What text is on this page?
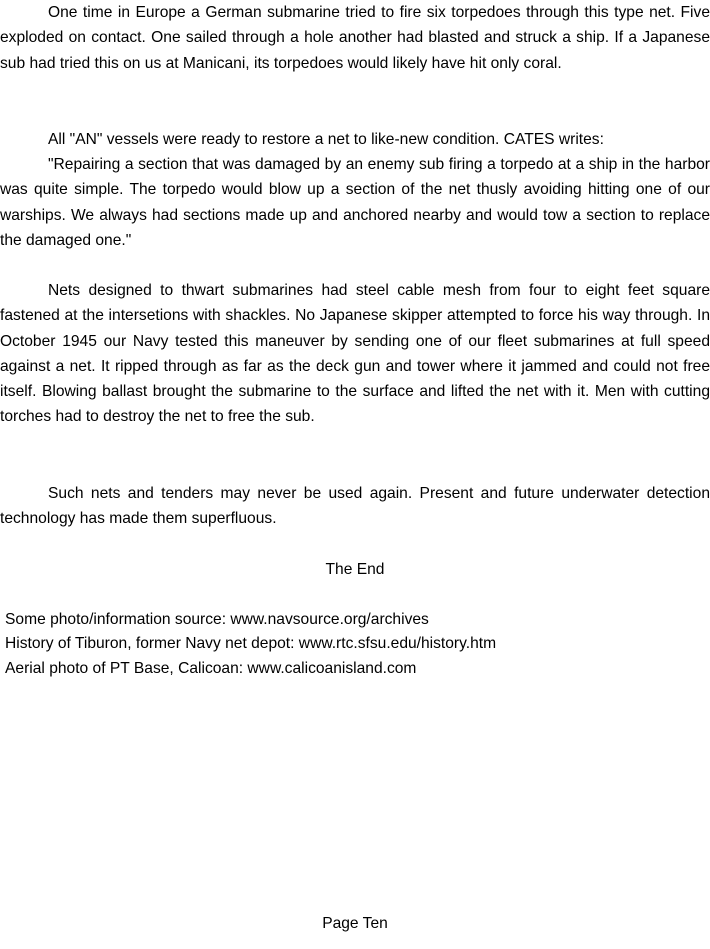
One time in Europe a German submarine tried to fire six torpedoes through this type net. Five exploded on contact. One sailed through a hole another had blasted and struck a ship. If a Japanese sub had tried this on us at Manicani, its torpedoes would likely have hit only coral.

All "AN" vessels were ready to restore a net to like-new condition. CATES writes:

"Repairing a section that was damaged by an enemy sub firing a torpedo at a ship in the harbor was quite simple. The torpedo would blow up a section of the net thusly avoiding hitting one of our warships. We always had sections made up and anchored nearby and would tow a section to replace the damaged one."

Nets designed to thwart submarines had steel cable mesh from four to eight feet square fastened at the intersetions with shackles. No Japanese skipper attempted to force his way through. In October 1945 our Navy tested this maneuver by sending one of our fleet submarines at full speed against a net. It ripped through as far as the deck gun and tower where it jammed and could not free itself. Blowing ballast brought the submarine to the surface and lifted the net with it. Men with cutting torches had to destroy the net to free the sub.

Such nets and tenders may never be used again. Present and future underwater detection technology has made them superfluous.

The End

Some photo/information source: www.navsource.org/archives
History of Tiburon, former Navy net depot: www.rtc.sfsu.edu/history.htm
Aerial photo of PT Base, Calicoan: www.calicoanisland.com

Page Ten
